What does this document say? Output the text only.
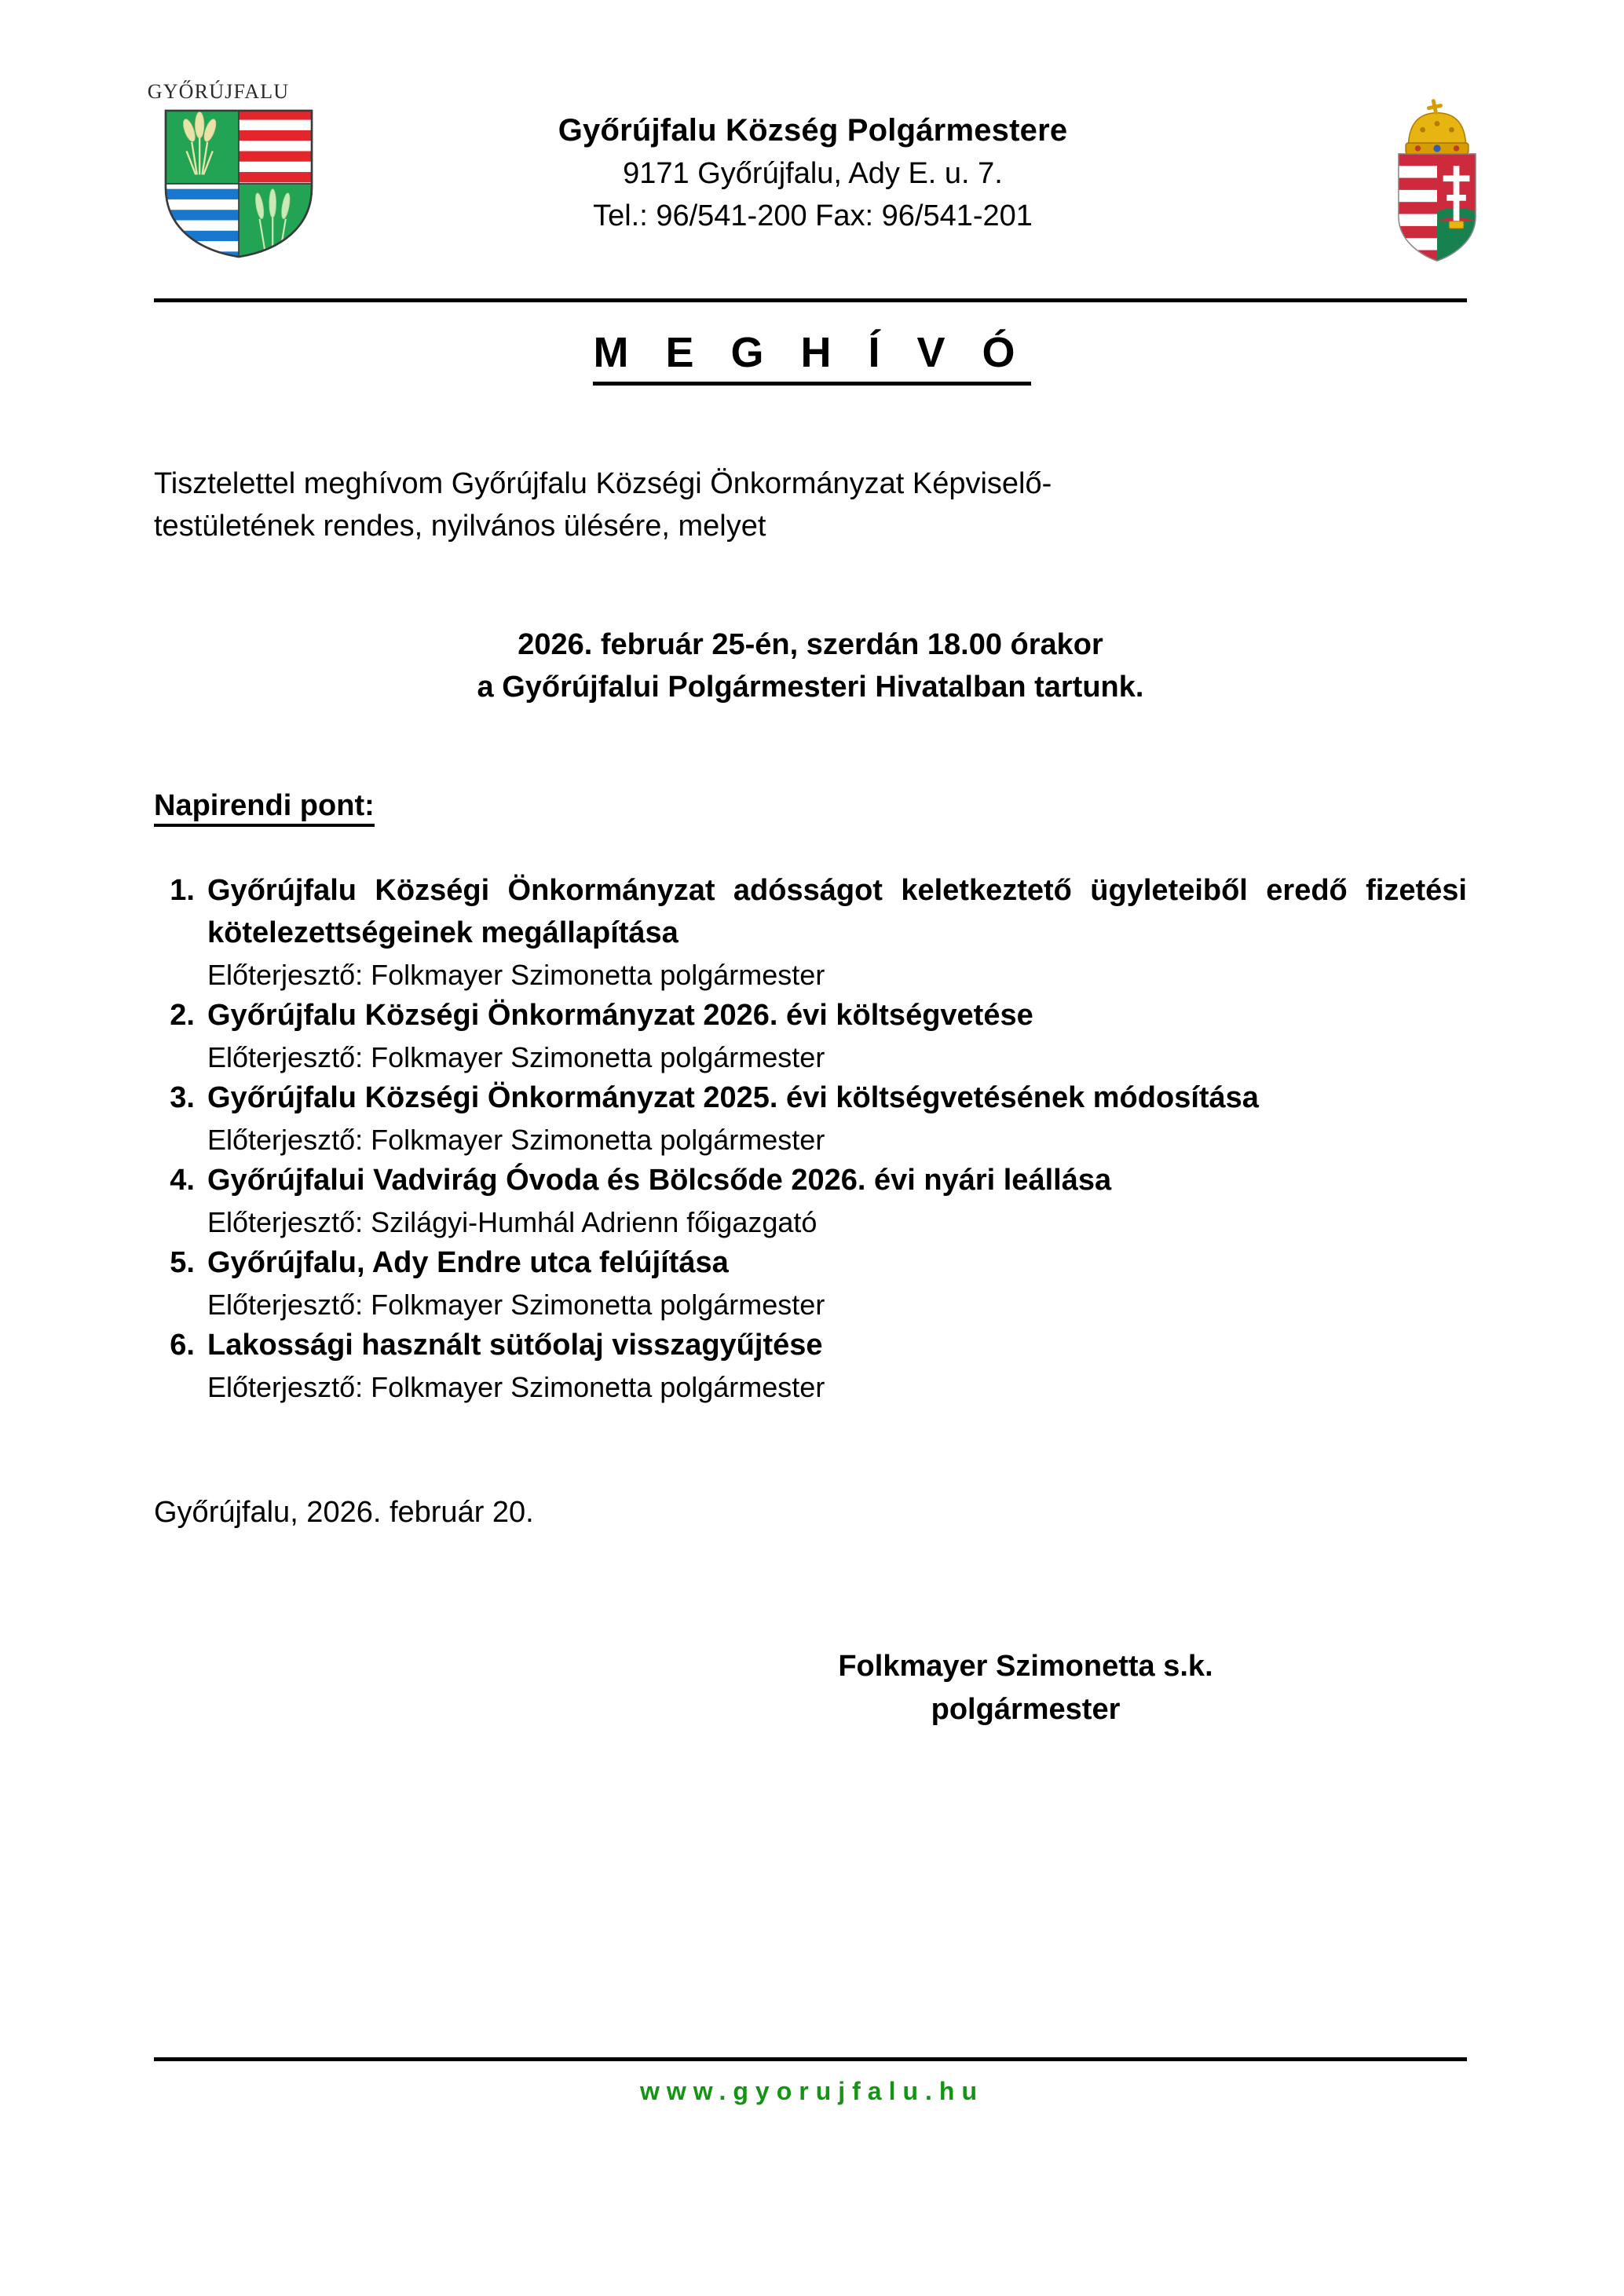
GYŐRÚJFALU
Győrújfalu Község Polgármestere
9171 Győrújfalu, Ady E. u. 7.
Tel.: 96/541-200 Fax: 96/541-201
M E G H Í V Ó
Tisztelettel meghívom Győrújfalu Községi Önkormányzat Képviselő-
testületének rendes, nyilvános ülésére, melyet
2026. február 25-én, szerdán 18.00 órakor
a Győrújfalui Polgármesteri Hivatalban tartunk.
Napirendi pont:
1. Győrújfalu Községi Önkormányzat adósságot keletkeztető ügyleteiből eredő fizetési kötelezettségeinek megállapítása
Előterjesztő: Folkmayer Szimonetta polgármester
2. Győrújfalu Községi Önkormányzat 2026. évi költségvetése
Előterjesztő: Folkmayer Szimonetta polgármester
3. Győrújfalu Községi Önkormányzat 2025. évi költségvetésének módosítása
Előterjesztő: Folkmayer Szimonetta polgármester
4. Győrújfalui Vadvirág Óvoda és Bölcsőde 2026. évi nyári leállása
Előterjesztő: Szilágyi-Humhál Adrienn főigazgató
5. Győrújfalu, Ady Endre utca felújítása
Előterjesztő: Folkmayer Szimonetta polgármester
6. Lakossági használt sütőolaj visszagyűjtése
Előterjesztő: Folkmayer Szimonetta polgármester
Győrújfalu, 2026. február 20.
Folkmayer Szimonetta s.k.
polgármester
www.gyorujfalu.hu
